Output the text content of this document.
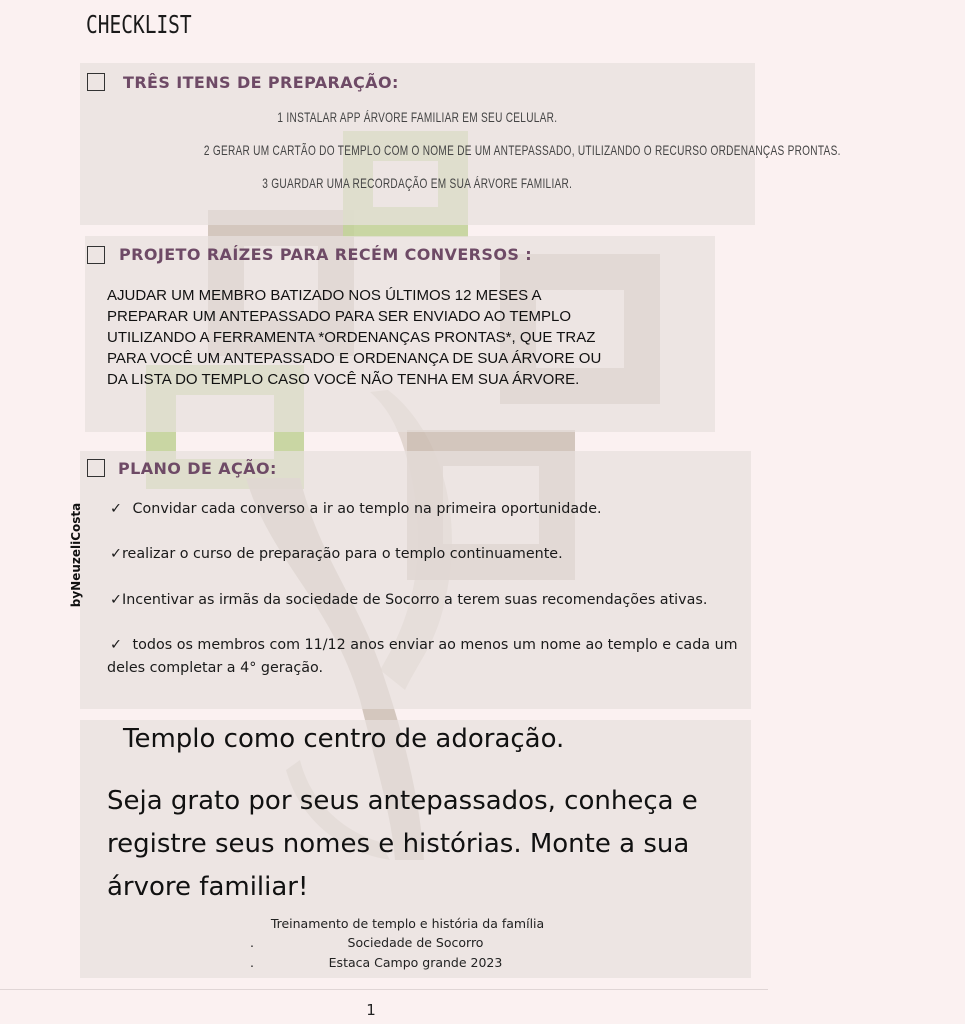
CHECKLIST
byNeuzeliCosta
TRÊS ITENS DE PREPARAÇÃO:
1 INSTALAR APP ÁRVORE FAMILIAR EM SEU CELULAR.
2 GERAR UM CARTÃO DO TEMPLO COM O NOME DE UM ANTEPASSADO, UTILIZANDO O RECURSO ORDENANÇAS PRONTAS.
3 GUARDAR UMA RECORDAÇÃO EM SUA ÁRVORE FAMILIAR.
PROJETO RAÍZES PARA RECÉM CONVERSOS :
AJUDAR UM MEMBRO BATIZADO NOS ÚLTIMOS 12 MESES A
PREPARAR UM ANTEPASSADO PARA SER ENVIADO AO TEMPLO
UTILIZANDO A FERRAMENTA *ORDENANÇAS PRONTAS*, QUE TRAZ
PARA VOCÊ UM ANTEPASSADO E ORDENANÇA DE SUA ÁRVORE OU
DA LISTA DO TEMPLO CASO VOCÊ NÃO TENHA EM SUA ÁRVORE.
PLANO DE AÇÃO:
✓ Convidar cada converso a ir ao templo na primeira oportunidade.
✓realizar o curso de preparação para o templo continuamente.
✓Incentivar as irmãs da sociedade de Socorro a terem suas recomendações ativas.
✓ todos os membros com 11/12 anos enviar ao menos um nome ao templo e cada um deles completar a 4° geração.
Templo como centro de adoração.
Seja grato por seus antepassados, conheça e registre seus nomes e histórias. Monte a sua árvore familiar!
Treinamento de templo e história da família
.	Sociedade de Socorro
.	Estaca Campo grande 2023
1
